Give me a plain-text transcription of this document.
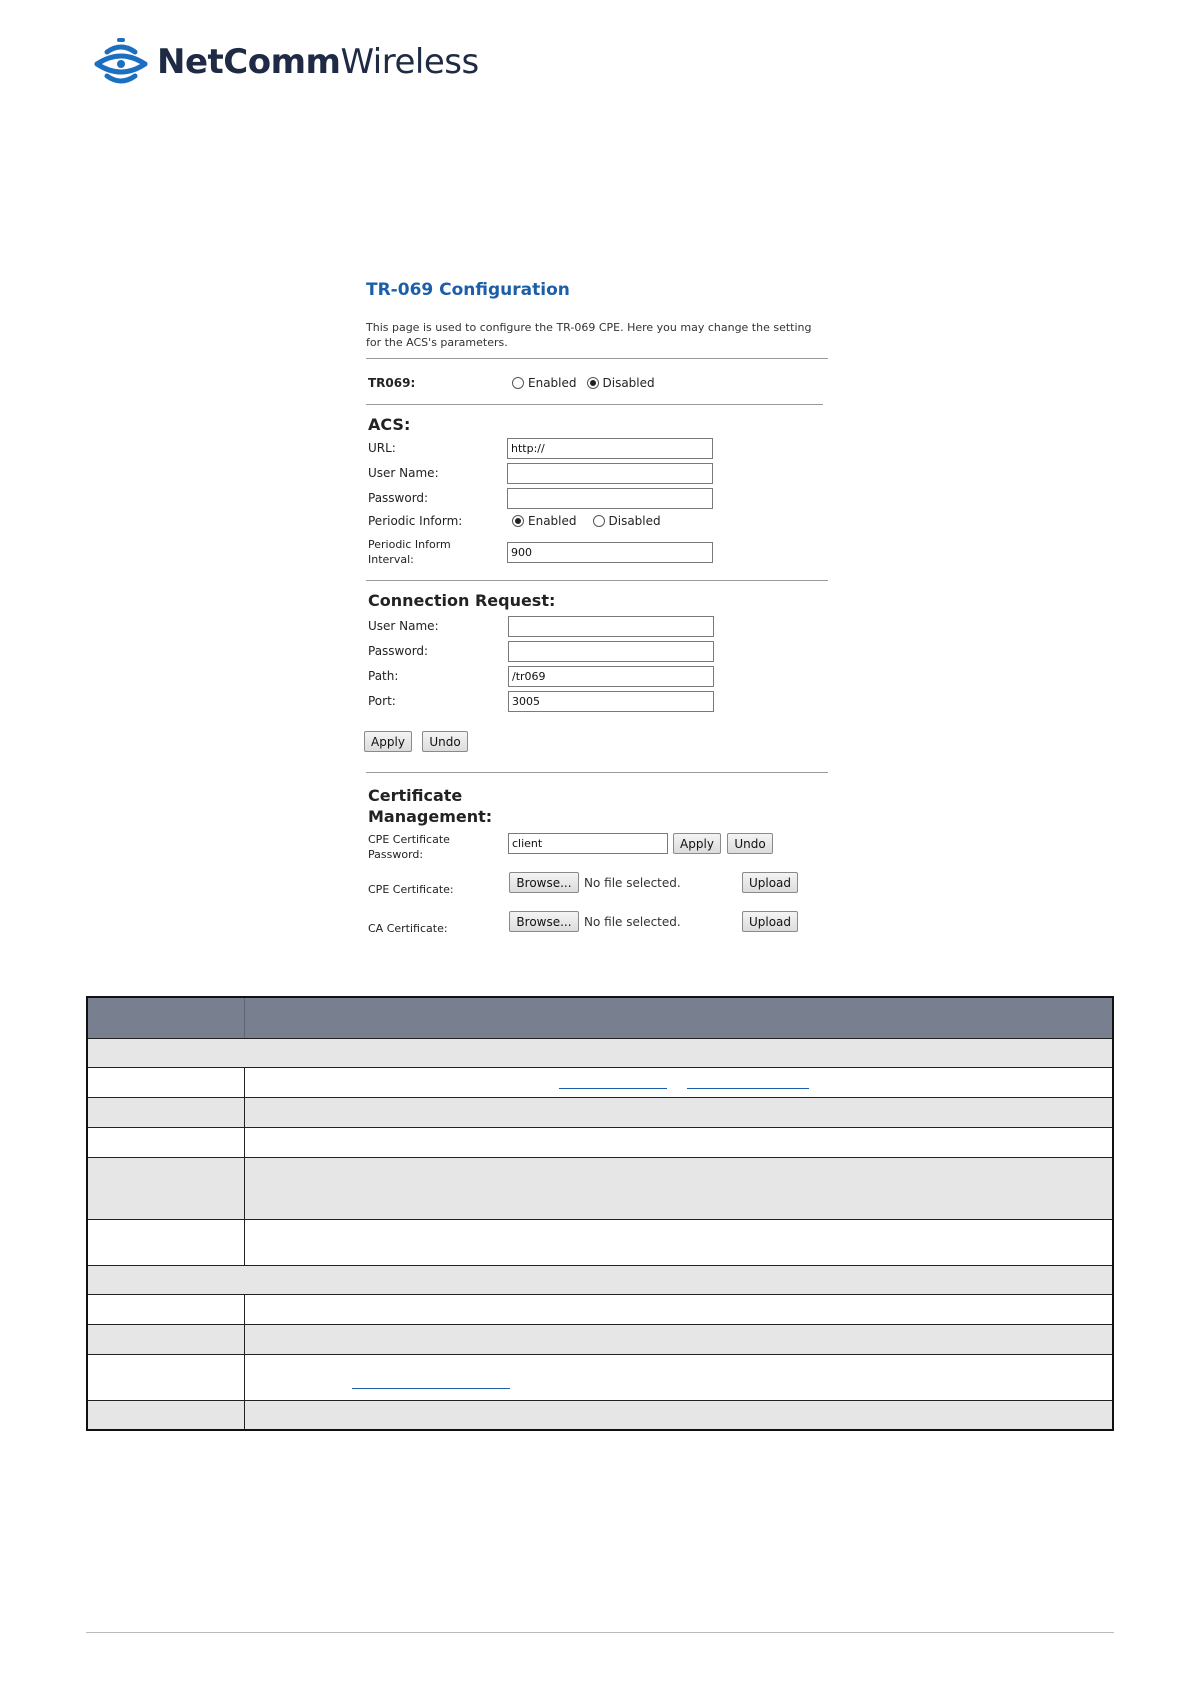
NetCommWireless
TR-069 Configuration
This page is used to configure the TR-069 CPE. Here you may change the setting for the ACS's parameters.
TR069:	Enabled Disabled
ACS:
URL:	http://
User Name:
Password:
Periodic Inform:	Enabled	Disabled
Periodic Inform
Interval:
900
Connection Request:
User Name:
Password:
Path:	/tr069
Port:	3005
Apply	Undo
Certificate
Management:
CPE Certificate
Password:
client	Apply	Undo
CPE Certificate:	Browse...	No file selected.	Upload
CA Certificate:	Browse...	No file selected.	Upload
